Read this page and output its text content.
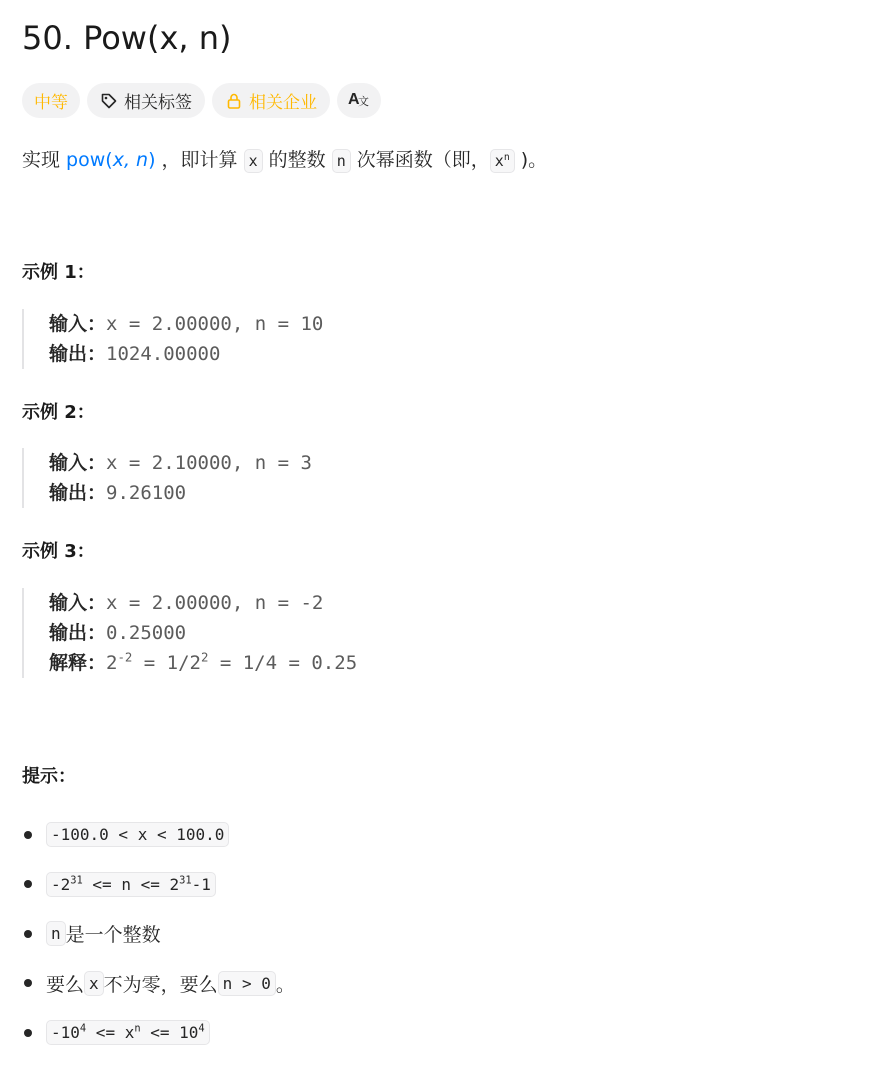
50. Pow(x, n)
中等	相关标签	相关企业 A
文
实现 pow(x, n) ，即计算 x 的整数 n 次幂函数（即， $x^n$ )。
示例 1：
输入：x = 2.00000, n = 10
输出：1024.00000
示例 2：
输入：x = 2.10000, n = 3
输出：9.26100
示例 3：
输入：x = 2.00000, n = -2
输出：0.25000
解释：$2^{-2} = 1/2^2 = 1/4 = 0.25$
提示：
-100.0 < x < 100.0
$-2^{31} <= n <= 2^{31}-1$
n 是一个整数
要么 x 不为零，要么 n > 0 。
$-10^4 <= x^n <= 10^4$
